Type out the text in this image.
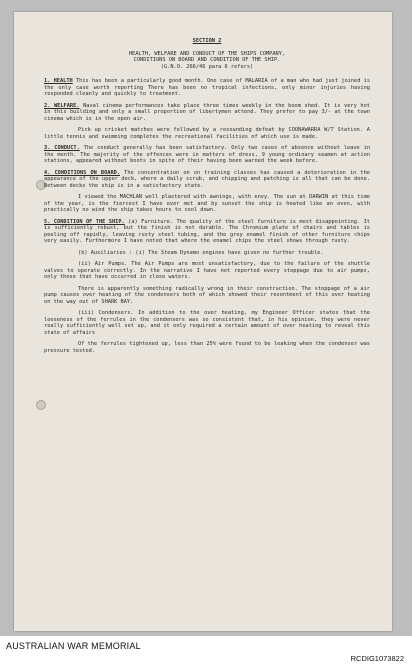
SECTION 2

HEALTH, WELFARE AND CONDUCT OF THE SHIPS COMPANY,

CONDITIONS ON BOARD AND CONDITION OF THE SHIP.

(G.N.O. 266/46 para 6 refers)

1. HEALTH This has been a particularly good month. One case of MALARIA of a man who had just joined is the only case worth reporting There has been no tropical infections, only minor injuries having responded cleanly and quickly to treatment.

2. WELFARE. Naval cinema performances take place three times weekly in the boom shed. It is very hot in this building and only a small proportion of libertymen attend. They prefer to pay 3/- at the town cinema which is in the open air.

Pick up cricket matches were followed by a resounding defeat by COONAWARRA W/T Station. A little tennis and swimming completes the recreational facilities of which use is made.

3. CONDUCT. The conduct generally has been satisfactory. Only two cases of absence without leave in the month. The majority of the offences were in matters of dress, 9 young ordinary seamen at action stations, appeared without boots in spite of their having been warned the week before.

4. CONDITIONS ON BOARD. The concentration on on training classes has caused a deterioration in the appearance of the upper deck, where a daily scrub, and chipping and patching is all that can be done. Between decks the ship is in a satisfactory state.

I viewed the MACHLAN well plastered with awnings, with envy. The sun at DARWIN at this time of the year, is the fiercest I have ever met and by sunset the ship is heated like an oven, with practically no wind the ship takes hours to cool down.

5. CONDITION OF THE SHIP. (a) Furniture. The quality of the steel furniture is most disappointing. It is sufficiently robust, but the finish is not durable. The Chromium plate of chairs and tables is peeling off rapidly, leaving rusty steel tubing, and the grey enamel finish of other furniture chips very easily. Furthermore I have noted that where the enamel chips the steel shows through rusty.

(b) Auxiliaries : (i) The Steam Dynamo engines have given no further trouble.

(ii) Air Pumps. The Air Pumps are most unsatisfactory, due to the failure of the shuttle valves to operate correctly. In the narrative I have not reported every stoppage due to air pumps, only those that have occurred in close waters.

There is apparently something radically wrong in their construction. The stoppage of a air pump causes over heating of the condensers both of which showed their resentment of this over heating on the way out of SHARK BAY.

(iii) Condensers. In addition to the over heating, my Engineer Officer states that the looseness of the ferrules in the condensers was so consistent that, in his opinion, they were never really sufficiently well set up, and it only required a certain amount of over heating to reveal this state of affairs

Of the ferrules tightened up, less than 25% were found to be leaking when the condenser was pressure tested.

AUSTRALIAN WAR MEMORIAL
RCDIG1073822
